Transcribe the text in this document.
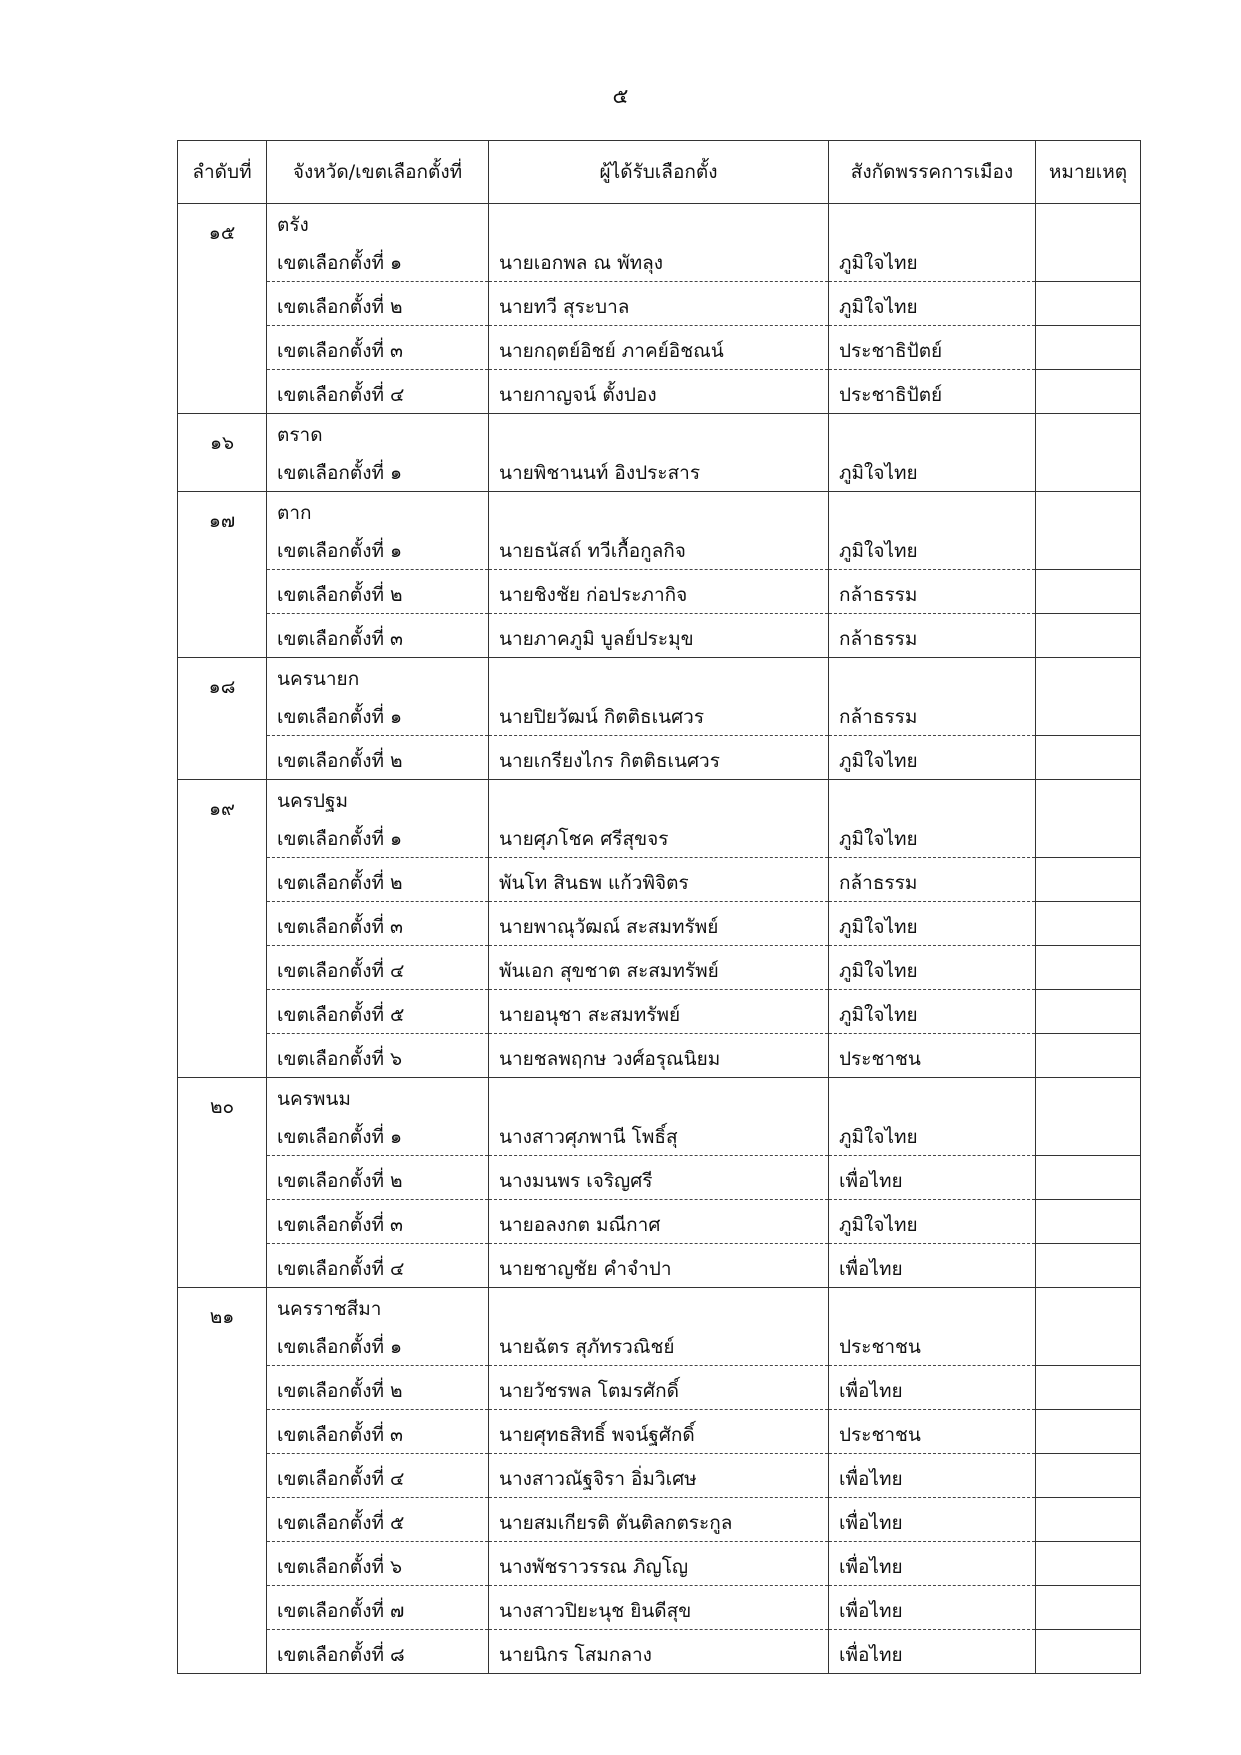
๕
ลำดับที่	จังหวัด/เขตเลือกตั้งที่	ผู้ได้รับเลือกตั้ง	สังกัดพรรคการเมือง	หมายเหตุ
๑๕	ตรัง			
	เขตเลือกตั้งที่ ๑	นายเอกพล ณ พัทลุง	ภูมิใจไทย	
	เขตเลือกตั้งที่ ๒	นายทวี สุระบาล	ภูมิใจไทย	
	เขตเลือกตั้งที่ ๓	นายกฤตย์อิชย์ ภาคย์อิชณน์	ประชาธิปัตย์	
	เขตเลือกตั้งที่ ๔	นายกาญจน์ ตั้งปอง	ประชาธิปัตย์	
๑๖	ตราด			
	เขตเลือกตั้งที่ ๑	นายพิชานนท์ อิงประสาร	ภูมิใจไทย	
๑๗	ตาก			
	เขตเลือกตั้งที่ ๑	นายธนัสถ์ ทวีเกื้อกูลกิจ	ภูมิใจไทย	
	เขตเลือกตั้งที่ ๒	นายชิงชัย ก่อประภากิจ	กล้าธรรม	
	เขตเลือกตั้งที่ ๓	นายภาคภูมิ บูลย์ประมุข	กล้าธรรม	
๑๘	นครนายก			
	เขตเลือกตั้งที่ ๑	นายปิยวัฒน์ กิตติธเนศวร	กล้าธรรม	
	เขตเลือกตั้งที่ ๒	นายเกรียงไกร กิตติธเนศวร	ภูมิใจไทย	
๑๙	นครปฐม			
	เขตเลือกตั้งที่ ๑	นายศุภโชค ศรีสุขจร	ภูมิใจไทย	
	เขตเลือกตั้งที่ ๒	พันโท สินธพ แก้วพิจิตร	กล้าธรรม	
	เขตเลือกตั้งที่ ๓	นายพาณุวัฒณ์ สะสมทรัพย์	ภูมิใจไทย	
	เขตเลือกตั้งที่ ๔	พันเอก สุขชาต สะสมทรัพย์	ภูมิใจไทย	
	เขตเลือกตั้งที่ ๕	นายอนุชา สะสมทรัพย์	ภูมิใจไทย	
	เขตเลือกตั้งที่ ๖	นายชลพฤกษ วงศ์อรุณนิยม	ประชาชน	
๒๐	นครพนม			
	เขตเลือกตั้งที่ ๑	นางสาวศุภพานี โพธิ์สุ	ภูมิใจไทย	
	เขตเลือกตั้งที่ ๒	นางมนพร เจริญศรี	เพื่อไทย	
	เขตเลือกตั้งที่ ๓	นายอลงกต มณีกาศ	ภูมิใจไทย	
	เขตเลือกตั้งที่ ๔	นายชาญชัย คำจำปา	เพื่อไทย	
๒๑	นครราชสีมา			
	เขตเลือกตั้งที่ ๑	นายฉัตร สุภัทรวณิชย์	ประชาชน	
	เขตเลือกตั้งที่ ๒	นายวัชรพล โตมรศักดิ์	เพื่อไทย	
	เขตเลือกตั้งที่ ๓	นายศุทธสิทธิ์ พจน์ฐศักดิ์	ประชาชน	
	เขตเลือกตั้งที่ ๔	นางสาวณัฐจิรา อิ่มวิเศษ	เพื่อไทย	
	เขตเลือกตั้งที่ ๕	นายสมเกียรติ ตันติลกตระกูล	เพื่อไทย	
	เขตเลือกตั้งที่ ๖	นางพัชราวรรณ ภิญโญ	เพื่อไทย	
	เขตเลือกตั้งที่ ๗	นางสาวปิยะนุช ยินดีสุข	เพื่อไทย	
	เขตเลือกตั้งที่ ๘	นายนิกร โสมกลาง	เพื่อไทย	
